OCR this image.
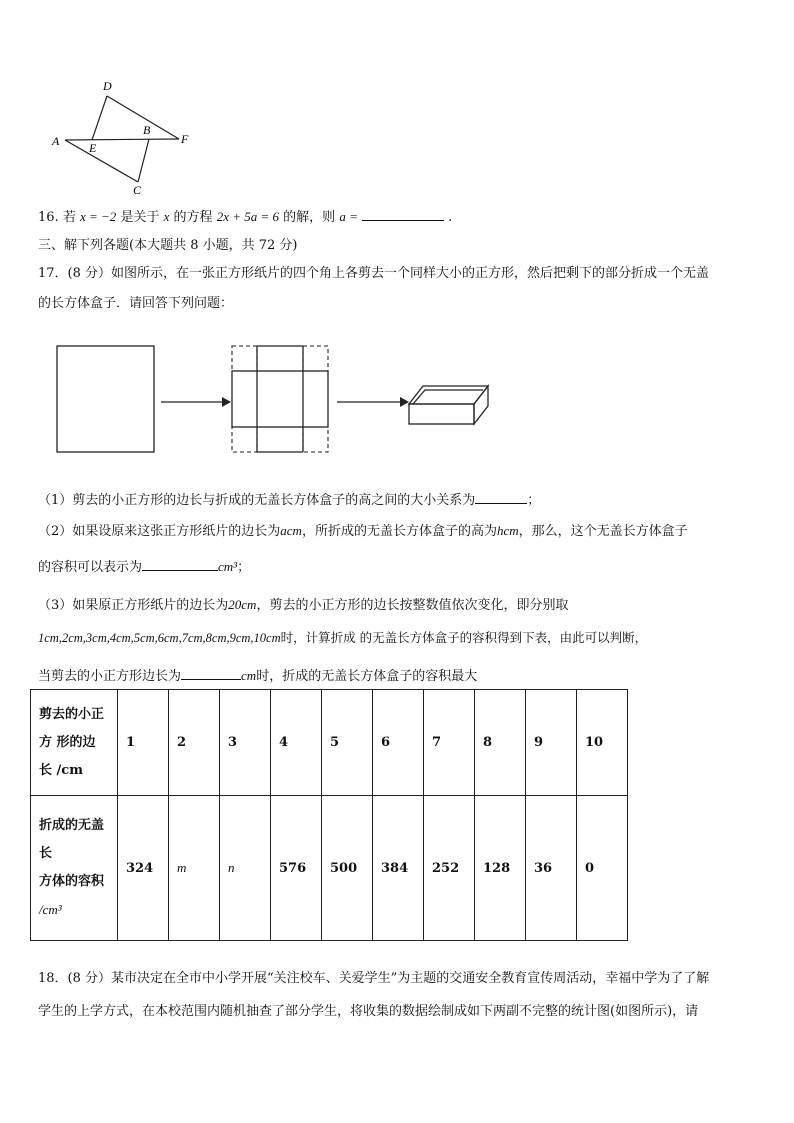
D
B
A E
F
C
16. 若 x = −2 是关于 x 的方程 2x + 5a = 6 的解，则 a =	.
三、解下列各题(本大题共 8 小题，共 72 分)
17．(8 分）如图所示，在一张正方形纸片的四个角上各剪去一个同样大小的正方形，然后把剩下的部分折成一个无盖
的长方体盒子．请回答下列问题：
（1）剪去的小正方形的边长与折成的无盖长方体盒子的高之间的大小关系为	；
（2）如果设原来这张正方形纸片的边长为acm，所折成的无盖长方体盒子的高为hcm，那么，这个无盖长方体盒子
的容积可以表示为	cm³；
（3）如果原正方形纸片的边长为20cm，剪去的小正方形的边长按整数值依次变化，即分别取
1cm,2cm,3cm,4cm,5cm,6cm,7cm,8cm,9cm,10cm时，计算折成 的无盖长方体盒子的容积得到下表，由此可以判断，
当剪去的小正方形边长为	cm时，折成的无盖长方体盒子的容积最大
剪去的小正
方 形的边
长 /cm	1	2	3	4	5	6	7	8	9	10

折成的无盖
长
方体的容积
/cm³	324	m	n	576	500	384	252	128	36	0
18．(8 分）某市决定在全市中小学开展“关注校车、关爱学生”为主题的交通安全教育宣传周活动，幸福中学为了了解
学生的上学方式，在本校范围内随机抽查了部分学生，将收集的数据绘制成如下两副不完整的统计图(如图所示)，请
